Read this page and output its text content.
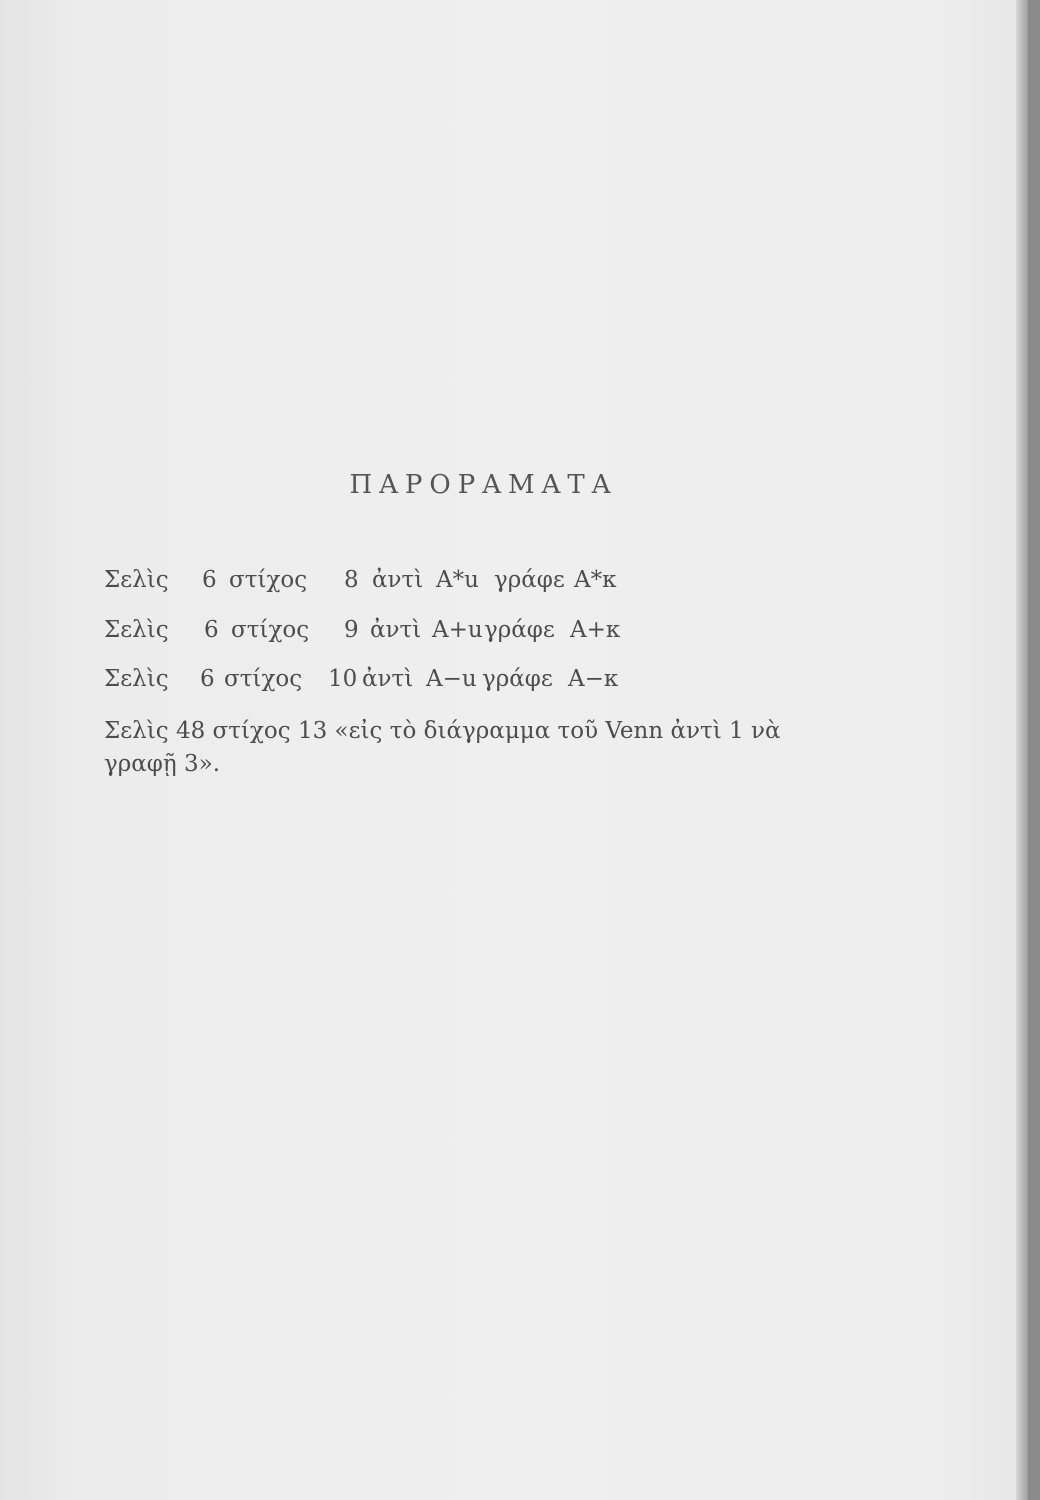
ΠΑΡΟΡΑΜΑΤΑ
Σελὶς 6 στίχος 8 ἀντὶ A*u γράφε A*κ
Σελὶς 6 στίχος 9 ἀντὶ A+u γράφε A+κ
Σελὶς 6 στίχος 10 ἀντὶ A−u γράφε A−κ
Σελὶς 48 στίχος 13 «εἰς τὸ διάγραμμα τοῦ Venn ἀντὶ 1 νὰ
γραφῇ 3».
